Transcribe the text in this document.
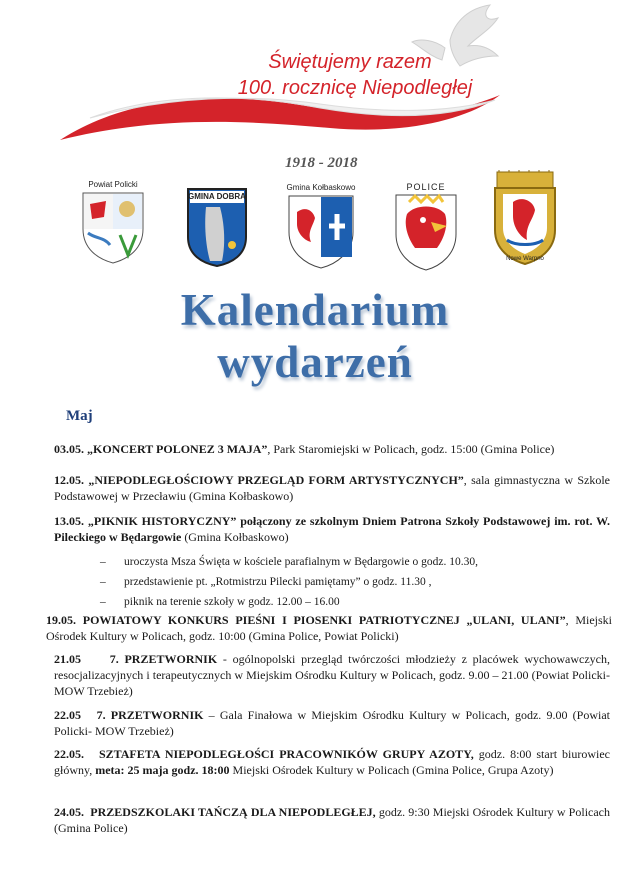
Świętujemy razem
100. rocznicę Niepodległej
1918 - 2018
Powiat Policki
GMINA DOBRA
Gmina Kołbaskowo	POLICE
Nowe Warpno
Kalendarium
wydarzeń
Maj
03.05. „KONCERT POLONEZ 3 MAJA”, Park Staromiejski w Policach, godz. 15:00 (Gmina Police)
12.05. „NIEPODLEGŁOŚCIOWY PRZEGLĄD FORM ARTYSTYCZNYCH”, sala gimnastyczna w Szkole Podstawowej w Przecławiu (Gmina Kołbaskowo)
13.05. „PIKNIK HISTORYCZNY” połączony ze szkolnym Dniem Patrona Szkoły Podstawowej im. rot. W. Pileckiego w Będargowie (Gmina Kołbaskowo)
– uroczysta Msza Święta w kościele parafialnym w Będargowie o godz. 10.30,
– przedstawienie pt. „Rotmistrzu Pilecki pamiętamy” o godz. 11.30 ,
– piknik na terenie szkoły w godz. 12.00 – 16.00
19.05. POWIATOWY KONKURS PIEŚNI I PIOSENKI PATRIOTYCZNEJ „ULANI, ULANI”, Miejski Ośrodek Kultury w Policach, godz. 10:00 (Gmina Police, Powiat Policki)
21.05 7. PRZETWORNIK - ogólnopolski przegląd twórczości młodzieży z placówek wychowawczych, resocjalizacyjnych i terapeutycznych w Miejskim Ośrodku Kultury w Policach, godz. 9.00 – 21.00 (Powiat Policki- MOW Trzebież)
22.05 7. PRZETWORNIK – Gala Finałowa w Miejskim Ośrodku Kultury w Policach, godz. 9.00 (Powiat Policki- MOW Trzebież)
22.05. SZTAFETA NIEPODLEGŁOŚCI PRACOWNIKÓW GRUPY AZOTY, godz. 8:00 start biurowiec główny, meta: 25 maja godz. 18:00 Miejski Ośrodek Kultury w Policach (Gmina Police, Grupa Azoty)
24.05. PRZEDSZKOLAKI TAŃCZĄ DLA NIEPODLEGŁEJ, godz. 9:30 Miejski Ośrodek Kultury w Policach (Gmina Police)
